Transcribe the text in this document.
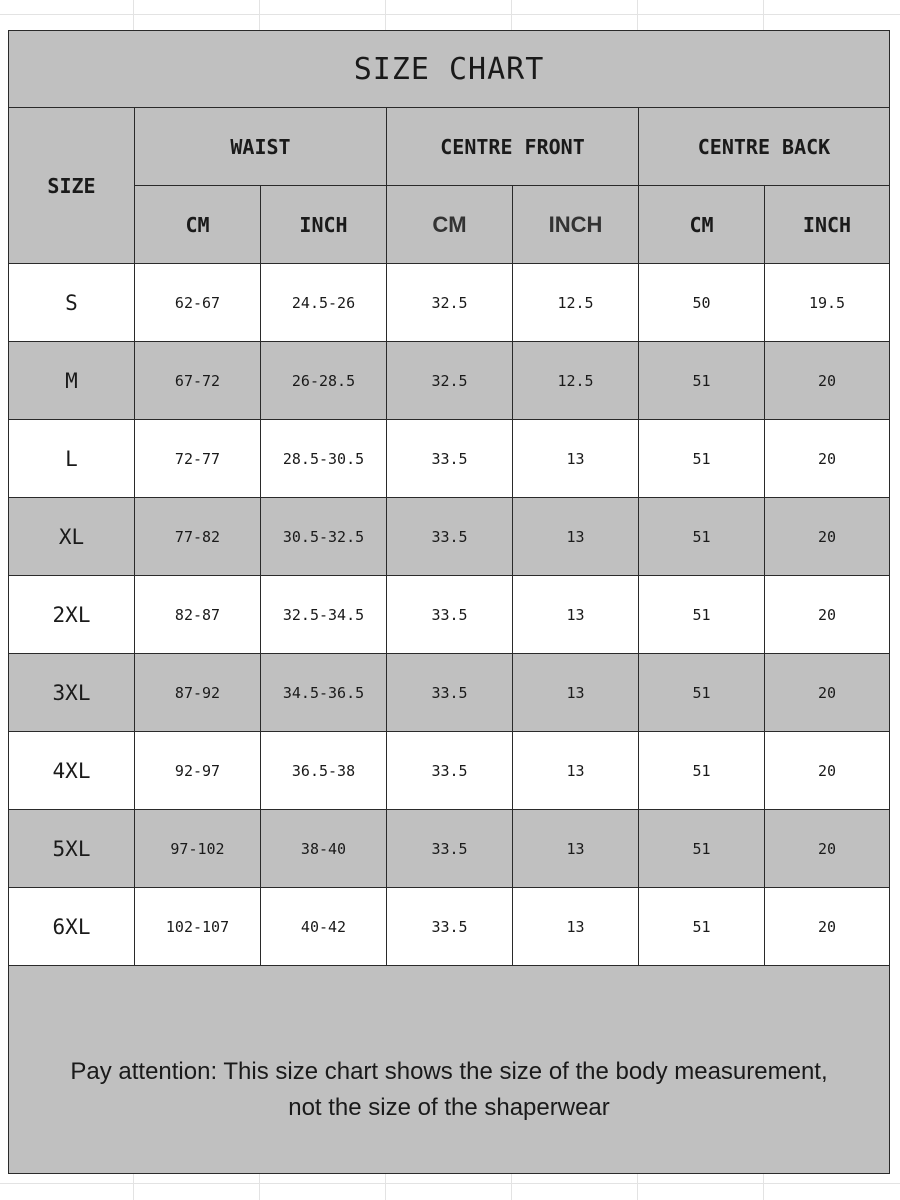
SIZE CHART						
SIZE	WAIST		CENTRE FRONT		CENTRE BACK	
	CM	INCH	CM	INCH	CM	INCH
S	62-67	24.5-26	32.5	12.5	50	19.5
M	67-72	26-28.5	32.5	12.5	51	20
L	72-77	28.5-30.5	33.5	13	51	20
XL	77-82	30.5-32.5	33.5	13	51	20
2XL	82-87	32.5-34.5	33.5	13	51	20
3XL	87-92	34.5-36.5	33.5	13	51	20
4XL	92-97	36.5-38	33.5	13	51	20
5XL	97-102	38-40	33.5	13	51	20
6XL	102-107	40-42	33.5	13	51	20

Pay attention: This size chart shows the size of the body measurement,
not the size of the shaperwear						
